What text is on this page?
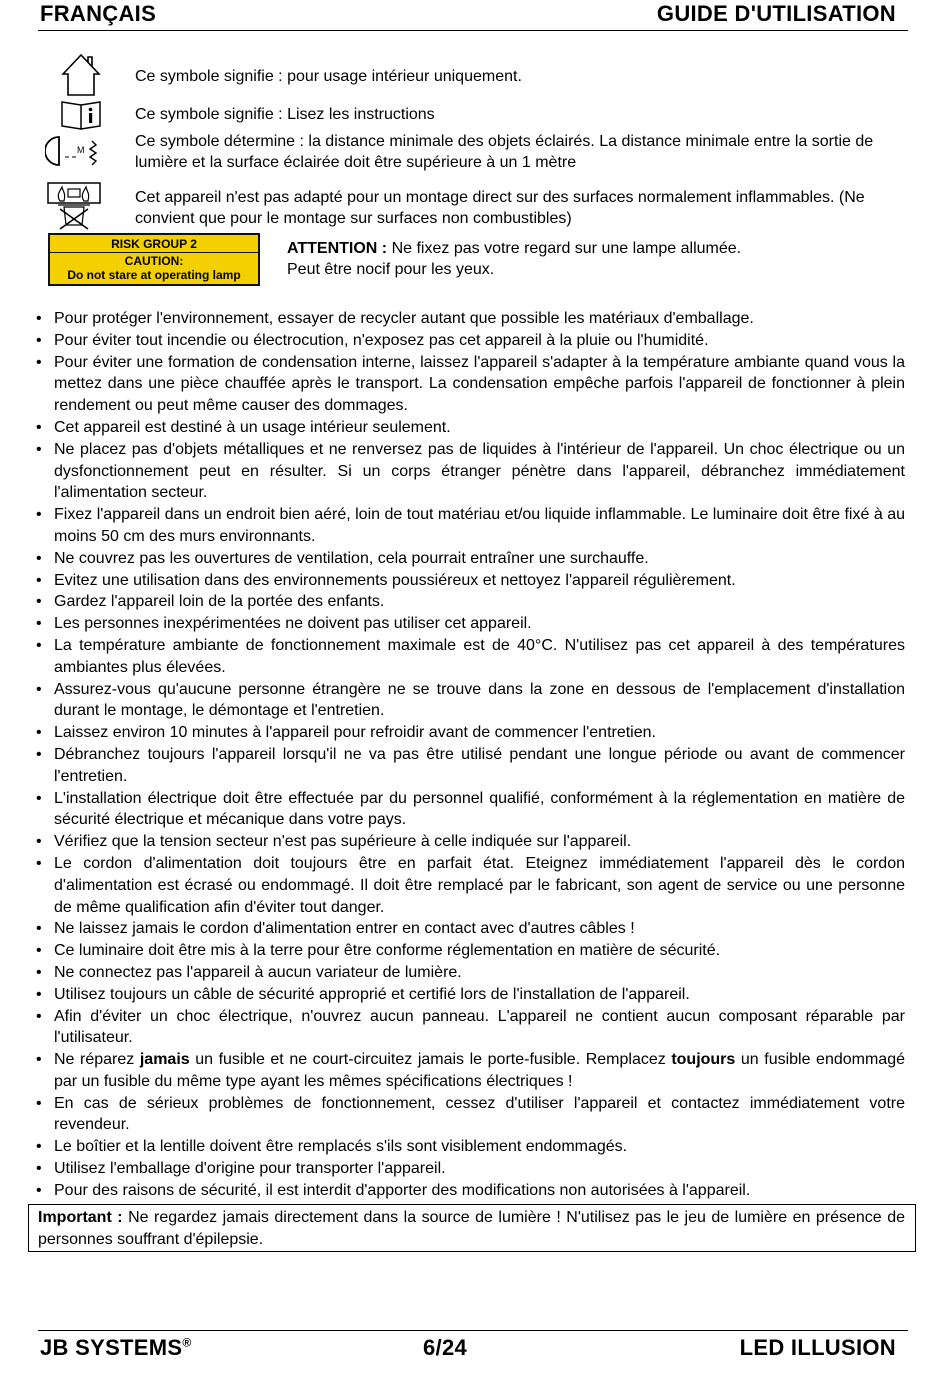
FRANÇAIS	GUIDE D'UTILISATION
Ce symbole signifie : pour usage intérieur uniquement.
Ce symbole signifie : Lisez les instructions
M	Ce symbole détermine : la distance minimale des objets éclairés. La distance minimale entre la sortie de lumière et la surface éclairée doit être supérieure à un 1 mètre
Cet appareil n'est pas adapté pour un montage direct sur des surfaces normalement inflammables. (Ne convient que pour le montage sur surfaces non combustibles)
RISK GROUP 2
CAUTION:
Do not stare at operating lamp
ATTENTION : Ne fixez pas votre regard sur une lampe allumée.
Peut être nocif pour les yeux.
• Pour protéger l'environnement, essayer de recycler autant que possible les matériaux d'emballage.
• Pour éviter tout incendie ou électrocution, n'exposez pas cet appareil à la pluie ou l'humidité.
• Pour éviter une formation de condensation interne, laissez l'appareil s'adapter à la température ambiante quand vous la mettez dans une pièce chauffée après le transport. La condensation empêche parfois l'appareil de fonctionner à plein rendement ou peut même causer des dommages.
• Cet appareil est destiné à un usage intérieur seulement.
• Ne placez pas d'objets métalliques et ne renversez pas de liquides à l'intérieur de l'appareil. Un choc électrique ou un dysfonctionnement peut en résulter. Si un corps étranger pénètre dans l'appareil, débranchez immédiatement l'alimentation secteur.
• Fixez l'appareil dans un endroit bien aéré, loin de tout matériau et/ou liquide inflammable. Le luminaire doit être fixé à au moins 50 cm des murs environnants.
• Ne couvrez pas les ouvertures de ventilation, cela pourrait entraîner une surchauffe.
• Evitez une utilisation dans des environnements poussiéreux et nettoyez l'appareil régulièrement.
• Gardez l'appareil loin de la portée des enfants.
• Les personnes inexpérimentées ne doivent pas utiliser cet appareil.
• La température ambiante de fonctionnement maximale est de 40°C. N'utilisez pas cet appareil à des températures ambiantes plus élevées.
• Assurez-vous qu'aucune personne étrangère ne se trouve dans la zone en dessous de l'emplacement d'installation durant le montage, le démontage et l'entretien.
• Laissez environ 10 minutes à l'appareil pour refroidir avant de commencer l'entretien.
• Débranchez toujours l'appareil lorsqu'il ne va pas être utilisé pendant une longue période ou avant de commencer l'entretien.
• L'installation électrique doit être effectuée par du personnel qualifié, conformément à la réglementation en matière de sécurité électrique et mécanique dans votre pays.
• Vérifiez que la tension secteur n'est pas supérieure à celle indiquée sur l'appareil.
• Le cordon d'alimentation doit toujours être en parfait état. Eteignez immédiatement l'appareil dès le cordon d'alimentation est écrasé ou endommagé. Il doit être remplacé par le fabricant, son agent de service ou une personne de même qualification afin d'éviter tout danger.
• Ne laissez jamais le cordon d'alimentation entrer en contact avec d'autres câbles !
• Ce luminaire doit être mis à la terre pour être conforme réglementation en matière de sécurité.
• Ne connectez pas l'appareil à aucun variateur de lumière.
• Utilisez toujours un câble de sécurité approprié et certifié lors de l'installation de l'appareil.
• Afin d'éviter un choc électrique, n'ouvrez aucun panneau. L'appareil ne contient aucun composant réparable par l'utilisateur.
• Ne réparez jamais un fusible et ne court-circuitez jamais le porte-fusible. Remplacez toujours un fusible endommagé par un fusible du même type ayant les mêmes spécifications électriques !
• En cas de sérieux problèmes de fonctionnement, cessez d'utiliser l'appareil et contactez immédiatement votre revendeur.
• Le boîtier et la lentille doivent être remplacés s'ils sont visiblement endommagés.
• Utilisez l'emballage d'origine pour transporter l'appareil.
• Pour des raisons de sécurité, il est interdit d'apporter des modifications non autorisées à l'appareil.
Important : Ne regardez jamais directement dans la source de lumière ! N'utilisez pas le jeu de lumière en présence de personnes souffrant d'épilepsie.
JB SYSTEMS®	6/24	LED ILLUSION
